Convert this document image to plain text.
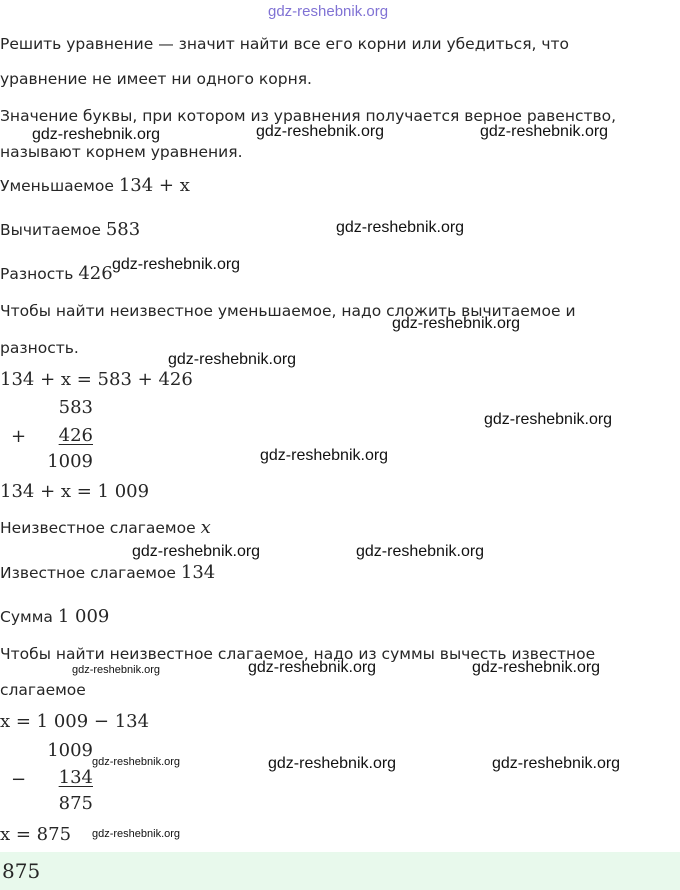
gdz-reshebnik.org
Решить уравнение — значит найти все его корни или убедиться, что
уравнение не имеет ни одного корня.
Значение буквы, при котором из уравнения получается верное равенство,
называют корнем уравнения.
Уменьшаемое 134 + x
Вычитаемое 583
Разность 426
Чтобы найти неизвестное уменьшаемое, надо сложить вычитаемое и
разность.
134 + x = 583 + 426
583
+	426
1009
134 + x = 1 009
Неизвестное слагаемое x
Известное слагаемое 134
Сумма 1 009
Чтобы найти неизвестное слагаемое, надо из суммы вычесть известное
слагаемое
x = 1 009 − 134
1009
−	134
875
x = 875
875
gdz-reshebnik.org	gdz-reshebnik.org	gdz-reshebnik.org
gdz-reshebnik.org
gdz-reshebnik.org
gdz-reshebnik.org
gdz-reshebnik.org
gdz-reshebnik.org
gdz-reshebnik.org
gdz-reshebnik.org	gdz-reshebnik.org
gdz-reshebnik.org	gdz-reshebnik.org	gdz-reshebnik.org
gdz-reshebnik.org	gdz-reshebnik.org	gdz-reshebnik.org
gdz-reshebnik.org
